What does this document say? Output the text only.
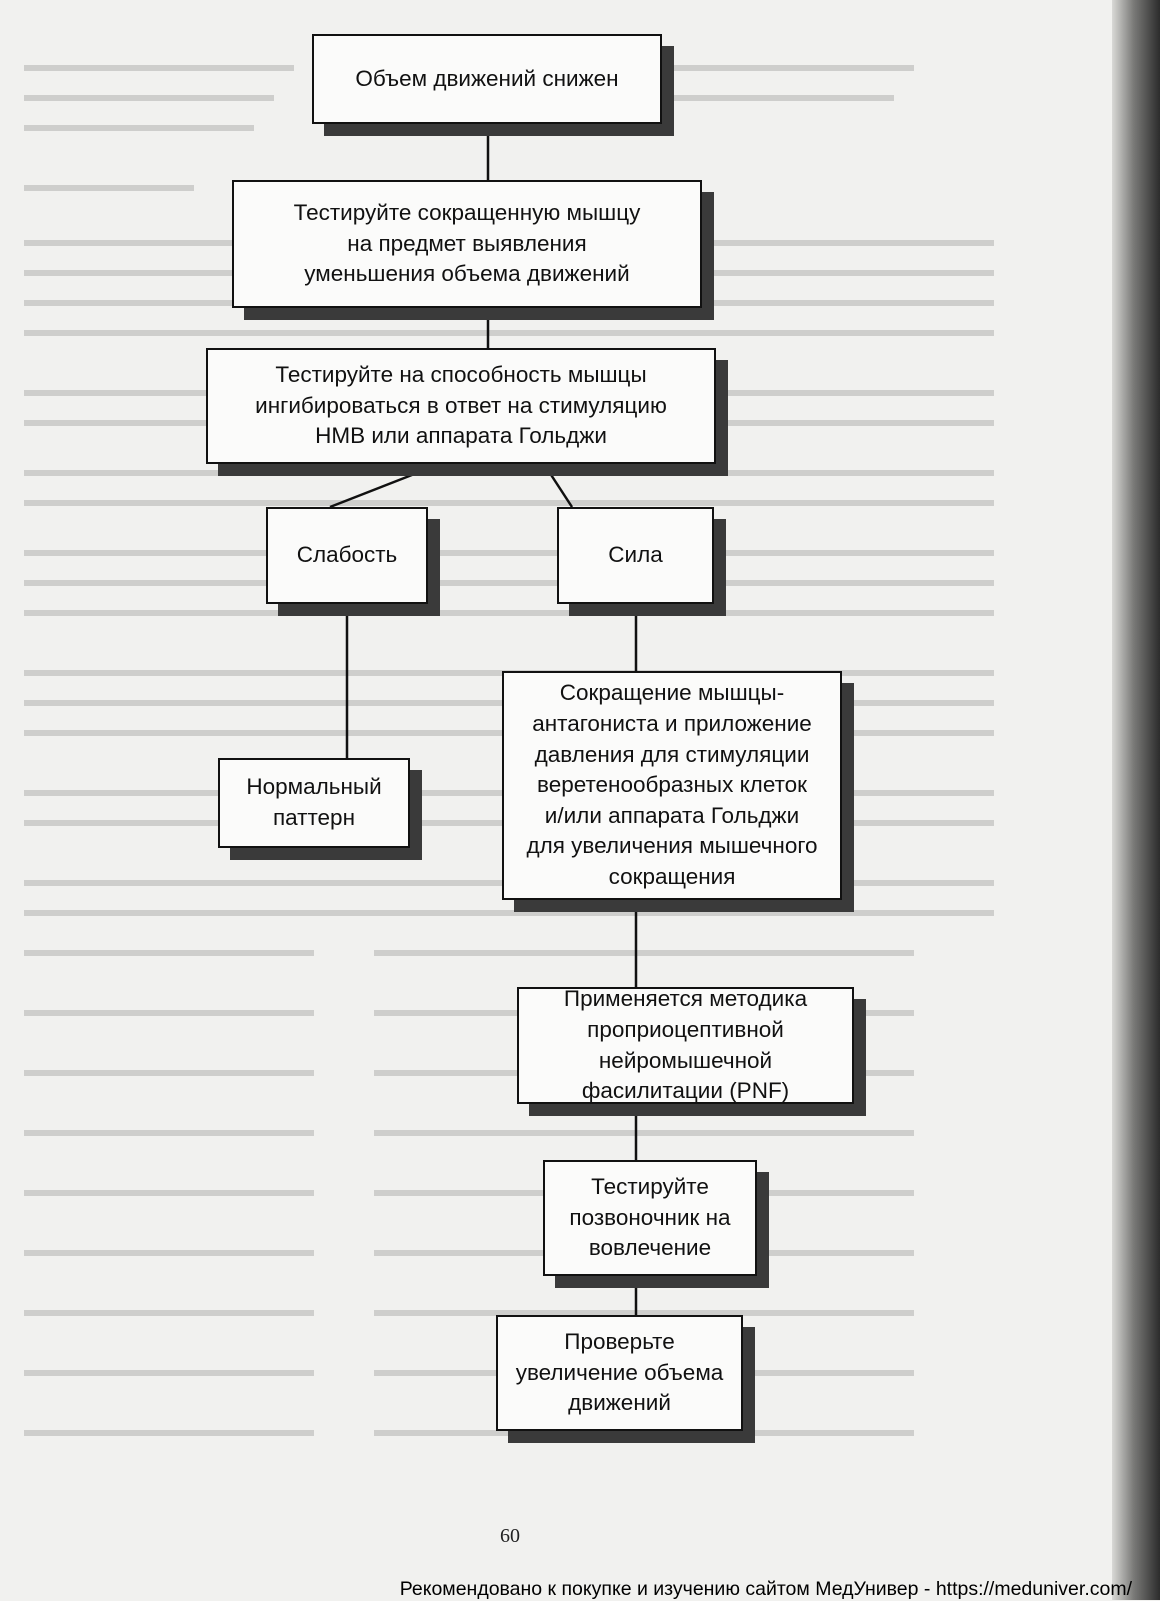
Объем движений снижен
Тестируйте сокращенную мышцу
на предмет выявления
уменьшения объема движений
Тестируйте на способность мышцы
ингибироваться в ответ на стимуляцию
НМВ или аппарата Гольджи
Слабость	Сила
Нормальный
паттерн
Сокращение мышцы-
антагониста и приложение
давления для стимуляции
веретенообразных клеток
и/или аппарата Гольджи
для увеличения мышечного
сокращения
Применяется методика
проприоцептивной
нейромышечной
фасилитации (PNF)
Тестируйте
позвоночник на
вовлечение
Проверьте
увеличение объема
движений
60
Рекомендовано к покупке и изучению сайтом МедУнивер - https://meduniver.com/
